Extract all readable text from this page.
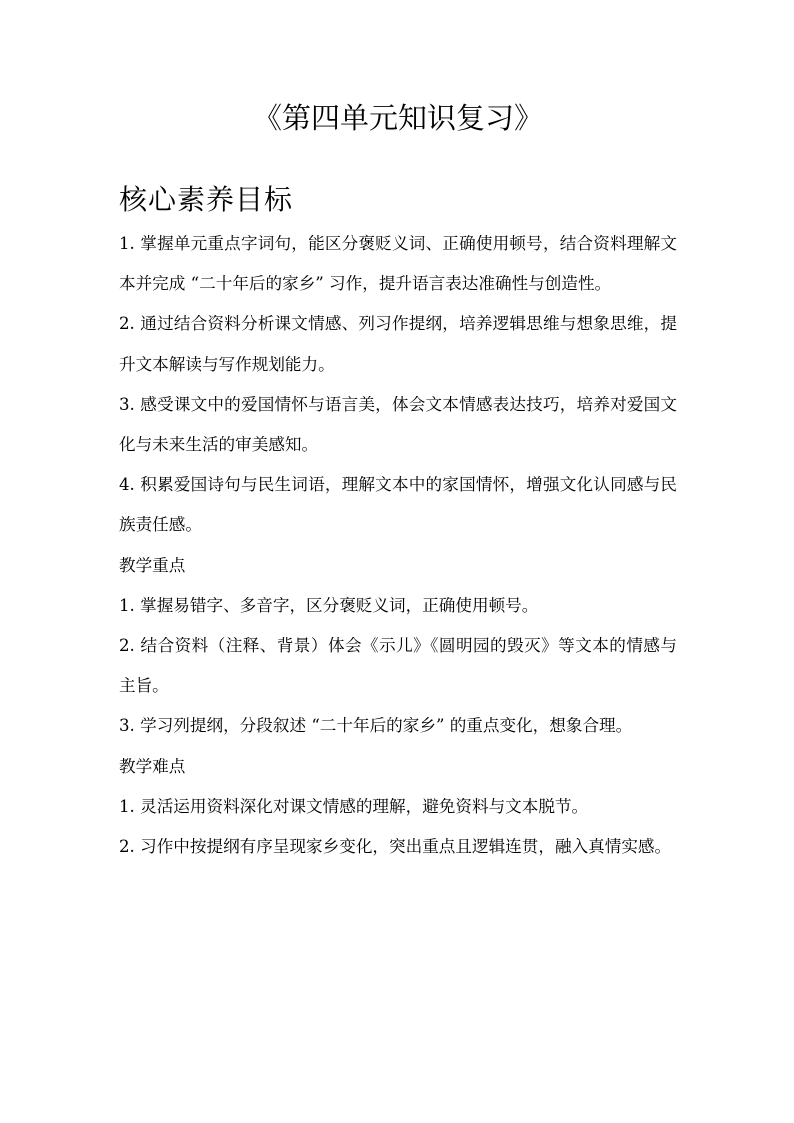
《第四单元知识复习》
核心素养目标

1. 掌握单元重点字词句，能区分褒贬义词、正确使用顿号，结合资料理解文本并完成 “二十年后的家乡” 习作，提升语言表达准确性与创造性。

2. 通过结合资料分析课文情感、列习作提纲，培养逻辑思维与想象思维，提升文本解读与写作规划能力。

3. 感受课文中的爱国情怀与语言美，体会文本情感表达技巧，培养对爱国文化与未来生活的审美感知。

4. 积累爱国诗句与民生词语，理解文本中的家国情怀，增强文化认同感与民族责任感。

教学重点

1. 掌握易错字、多音字，区分褒贬义词，正确使用顿号。

2. 结合资料（注释、背景）体会《示儿》《圆明园的毁灭》等文本的情感与主旨。

3. 学习列提纲，分段叙述 “二十年后的家乡” 的重点变化，想象合理。

教学难点

1. 灵活运用资料深化对课文情感的理解，避免资料与文本脱节。

2. 习作中按提纲有序呈现家乡变化，突出重点且逻辑连贯，融入真情实感。
